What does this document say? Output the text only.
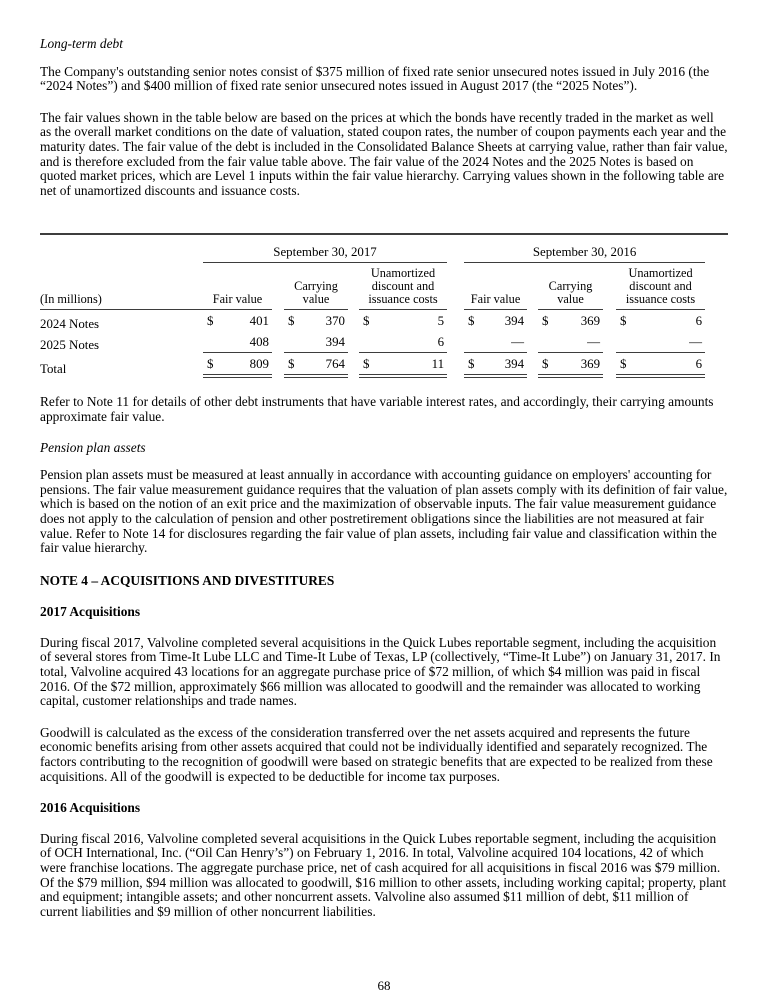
Long-term debt

The Company's outstanding senior notes consist of $375 million of fixed rate senior unsecured notes issued in July 2016 (the “2024 Notes”) and $400 million of fixed rate senior unsecured notes issued in August 2017 (the “2025 Notes”).

The fair values shown in the table below are based on the prices at which the bonds have recently traded in the market as well as the overall market conditions on the date of valuation, stated coupon rates, the number of coupon payments each year and the maturity dates. The fair value of the debt is included in the Consolidated Balance Sheets at carrying value, rather than fair value, and is therefore excluded from the fair value table above. The fair value of the 2024 Notes and the 2025 Notes is based on quoted market prices, which are Level 1 inputs within the fair value hierarchy. Carrying values shown in the following table are net of unamortized discounts and issuance costs.

	September 30, 2017						September 30, 2016					
(In millions)	Fair value		Carrying value		Unamortized discount and issuance costs		Fair value		Carrying value		Unamortized discount and issuance costs	
2024 Notes	$ 401		$ 370		$ 5		$ 394		$ 369		$ 6	

2025 Notes	408		394		6		—		—		—	

Total	$ 809		$ 764		$ 11		$ 394		$ 369		$ 6	

Refer to Note 11 for details of other debt instruments that have variable interest rates, and accordingly, their carrying amounts approximate fair value.

Pension plan assets

Pension plan assets must be measured at least annually in accordance with accounting guidance on employers' accounting for pensions. The fair value measurement guidance requires that the valuation of plan assets comply with its definition of fair value, which is based on the notion of an exit price and the maximization of observable inputs. The fair value measurement guidance does not apply to the calculation of pension and other postretirement obligations since the liabilities are not measured at fair value. Refer to Note 14 for disclosures regarding the fair value of plan assets, including fair value and classification within the fair value hierarchy.

NOTE 4 – ACQUISITIONS AND DIVESTITURES

2017 Acquisitions

During fiscal 2017, Valvoline completed several acquisitions in the Quick Lubes reportable segment, including the acquisition of several stores from Time-It Lube LLC and Time-It Lube of Texas, LP (collectively, “Time-It Lube”) on January 31, 2017. In total, Valvoline acquired 43 locations for an aggregate purchase price of $72 million, of which $4 million was paid in fiscal 2016. Of the $72 million, approximately $66 million was allocated to goodwill and the remainder was allocated to working capital, customer relationships and trade names.

Goodwill is calculated as the excess of the consideration transferred over the net assets acquired and represents the future economic benefits arising from other assets acquired that could not be individually identified and separately recognized. The factors contributing to the recognition of goodwill were based on strategic benefits that are expected to be realized from these acquisitions. All of the goodwill is expected to be deductible for income tax purposes.

2016 Acquisitions

During fiscal 2016, Valvoline completed several acquisitions in the Quick Lubes reportable segment, including the acquisition of OCH International, Inc. (“Oil Can Henry’s”) on February 1, 2016. In total, Valvoline acquired 104 locations, 42 of which were franchise locations. The aggregate purchase price, net of cash acquired for all acquisitions in fiscal 2016 was $79 million. Of the $79 million, $94 million was allocated to goodwill, $16 million to other assets, including working capital; property, plant and equipment; intangible assets; and other noncurrent assets. Valvoline also assumed $11 million of debt, $11 million of current liabilities and $9 million of other noncurrent liabilities.

68
